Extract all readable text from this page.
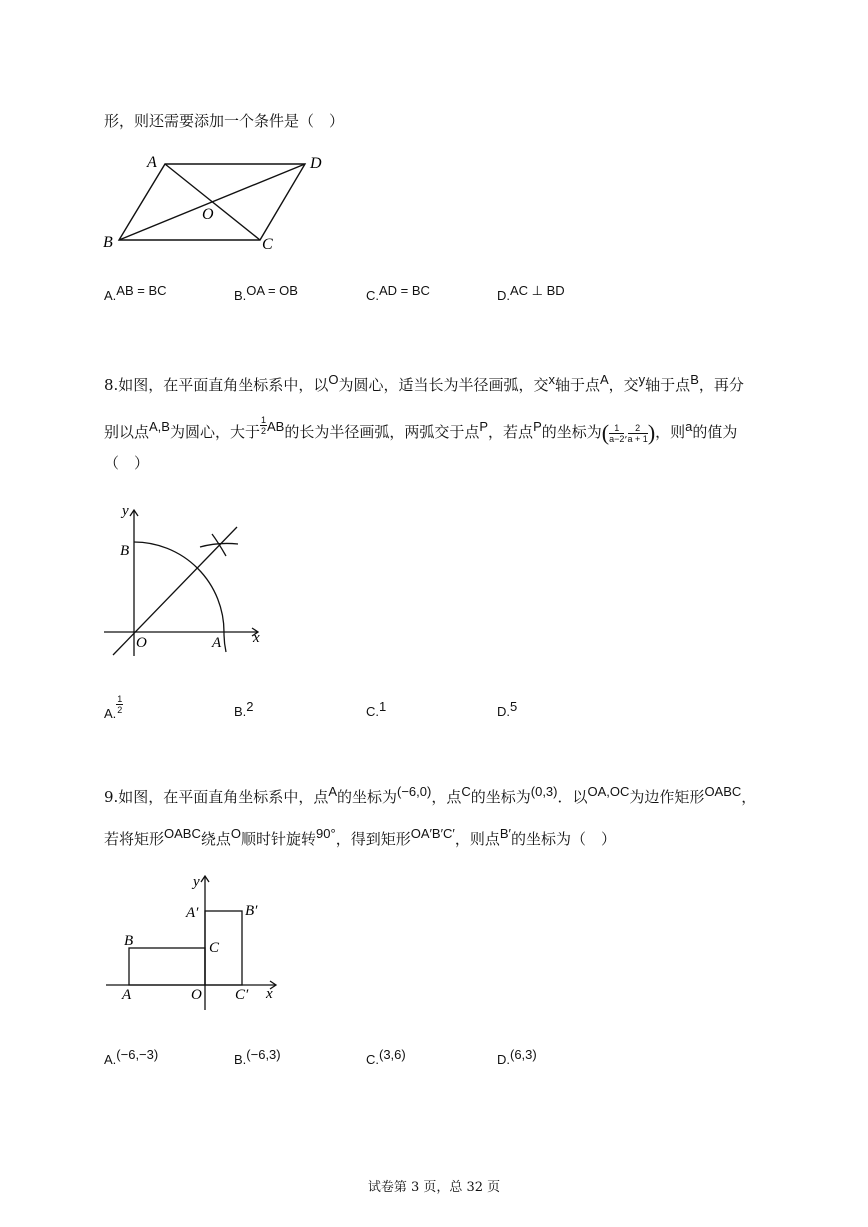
形，则还需要添加一个条件是（　）
A	D
O
B	C
A.AB = BC	B.OA = OB	C.AD = BC	D.AC ⊥ BD
8.如图，在平面直角坐标系中，以O为圆心，适当长为半径画弧，交x轴于点A，交y轴于点B，再分
别以点A,B为圆心，大于 $\frac{1}{2}$ AB的长为半径画弧，两弧交于点P，若点P的坐标为( $\frac{1}{a-2}$ , $\frac{2}{a + 1}$ )，则a的值为
（　）
y
B
O	A x
A. $\frac{1}{2}$	B.2	C.1	D.5
9.如图，在平面直角坐标系中，点A的坐标为(−6,0)，点C的坐标为(0,3)．以OA,OC为边作矩形OABC，
若将矩形OABC绕点O顺时针旋转90°，得到矩形OA′B′C′，则点B′的坐标为（　）
y
A′	B′
B	C
A	O C′ x
A.(−6,−3)	B.(−6,3)	C.(3,6)	D.(6,3)
试卷第 3 页，总 32 页
